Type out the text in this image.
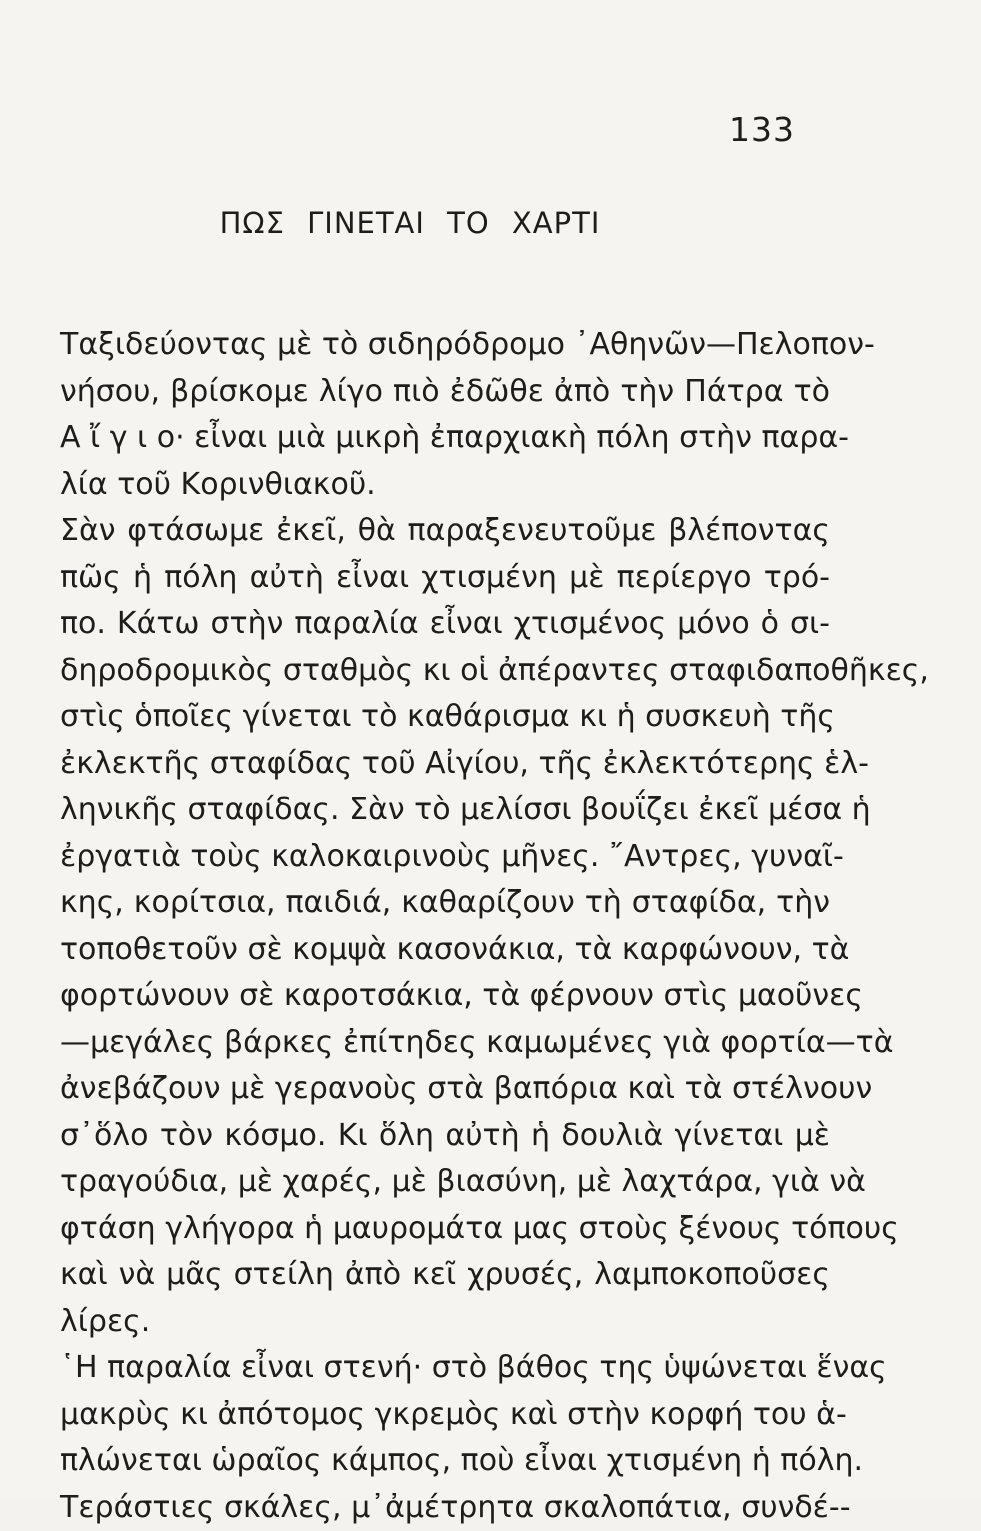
133
ΠΩΣ ΓΙΝΕΤΑΙ ΤΟ ΧΑΡΤΙ
Ταξιδεύοντας μὲ τὸ σιδηρόδρομο ᾿Αθηνῶν—Πελοπον-
νήσου, βρίσκομε λίγο πιὸ ἐδῶθε ἀπὸ τὴν Πάτρα τὸ
Α ἴ γ ι ο· εἶναι μιὰ μικρὴ ἐπαρχιακὴ πόλη στὴν παρα-
λία τοῦ Κορινθιακοῦ.
Σὰν φτάσωμε ἐκεῖ, θὰ παραξενευτοῦμε βλέποντας
πῶς ἡ πόλη αὐτὴ εἶναι χτισμένη μὲ περίεργο τρό-
πο. Κάτω στὴν παραλία εἶναι χτισμένος μόνο ὁ σι-
δηροδρομικὸς σταθμὸς κι οἱ ἀπέραντες σταφιδαποθῆκες,
στὶς ὁποῖες γίνεται τὸ καθάρισμα κι ἡ συσκευὴ τῆς
ἐκλεκτῆς σταφίδας τοῦ Αἰγίου, τῆς ἐκλεκτότερης ἑλ-
ληνικῆς σταφίδας. Σὰν τὸ μελίσσι βουΐζει ἐκεῖ μέσα ἡ
ἐργατιὰ τοὺς καλοκαιρινοὺς μῆνες. ῎Αντρες, γυναῖ-
κης, κορίτσια, παιδιά, καθαρίζουν τὴ σταφίδα, τὴν
τοποθετοῦν σὲ κομψὰ κασονάκια, τὰ καρφώνουν, τὰ
φορτώνουν σὲ καροτσάκια, τὰ φέρνουν στὶς μαοῦνες
—μεγάλες βάρκες ἐπίτηδες καμωμένες γιὰ φορτία—τὰ
ἀνεβάζουν μὲ γερανοὺς στὰ βαπόρια καὶ τὰ στέλνουν
σ᾿ὅλο τὸν κόσμο. Κι ὅλη αὐτὴ ἡ δουλιὰ γίνεται μὲ
τραγούδια, μὲ χαρές, μὲ βιασύνη, μὲ λαχτάρα, γιὰ νὰ
φτάση γλήγορα ἡ μαυρομάτα μας στοὺς ξένους τόπους
καὶ νὰ μᾶς στείλη ἀπὸ κεῖ χρυσές, λαμποκοποῦσες
λίρες.
῾Η παραλία εἶναι στενή· στὸ βάθος της ὑψώνεται ἕνας
μακρὺς κι ἀπότομος γκρεμὸς καὶ στὴν κορφή του ἁ-
πλώνεται ὡραῖος κάμπος, ποὺ εἶναι χτισμένη ἡ πόλη.
Τεράστιες σκάλες, μ᾿ἀμέτρητα σκαλοπάτια, συνδέ--
